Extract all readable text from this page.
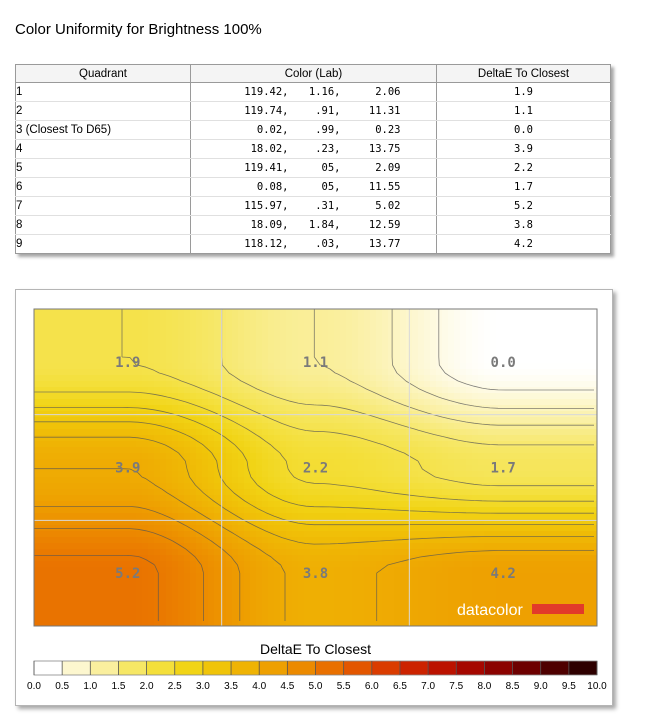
Color Uniformity for Brightness 100%
Quadrant	Color (Lab)	DeltaE To Closest
1	119.42, 1.16, 2.06	1.9
2	119.74, .91, 11.31	1.1
3 (Closest To D65)	0.02, .99, 0.23	0.0
4	18.02, .23, 13.75	3.9
5	119.41, 05, 2.09	2.2
6	0.08, 05, 11.55	1.7
7	115.97, .31, 5.02	5.2
8	18.09, 1.84, 12.59	3.8
9	118.12, .03, 13.77	4.2
1.9	1.1	0.0
3.9	2.2	1.7
5.2	3.8	4.2
datacolor
DeltaE To Closest
0.0 0.5 1.0 1.5 2.0 2.5 3.0 3.5 4.0 4.5 5.0 5.5 6.0 6.5 7.0 7.5 8.0 8.5 9.0 9.5 10.0
